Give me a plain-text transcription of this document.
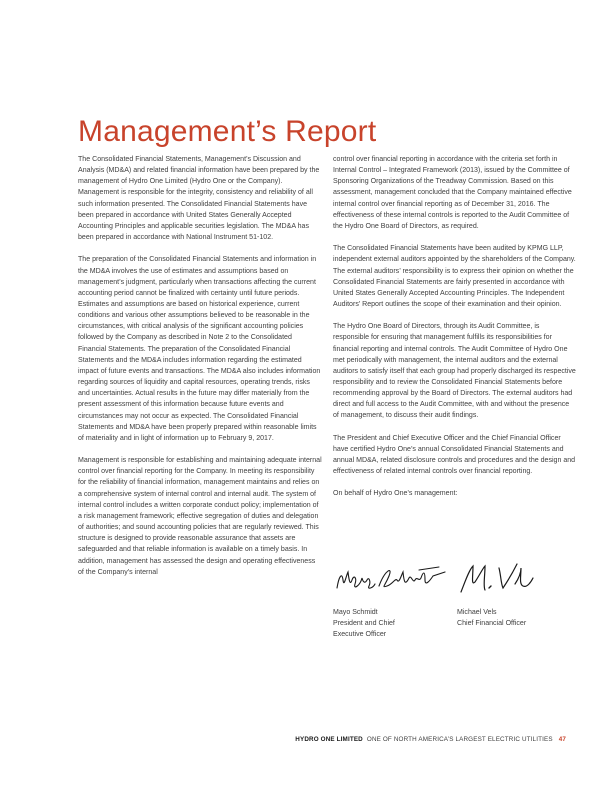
Management’s Report

The Consolidated Financial Statements, Management’s Discussion and Analysis (MD&A) and related financial information have been prepared by the management of Hydro One Limited (Hydro One or the Company). Management is responsible for the integrity, consistency and reliability of all such information presented. The Consolidated Financial Statements have been prepared in accordance with United States Generally Accepted Accounting Principles and applicable securities legislation. The MD&A has been prepared in accordance with National Instrument 51-102.

The preparation of the Consolidated Financial Statements and information in the MD&A involves the use of estimates and assumptions based on management’s judgment, particularly when transactions affecting the current accounting period cannot be finalized with certainty until future periods. Estimates and assumptions are based on historical experience, current conditions and various other assumptions believed to be reasonable in the circumstances, with critical analysis of the significant accounting policies followed by the Company as described in Note 2 to the Consolidated Financial Statements. The preparation of the Consolidated Financial Statements and the MD&A includes information regarding the estimated impact of future events and transactions. The MD&A also includes information regarding sources of liquidity and capital resources, operating trends, risks and uncertainties. Actual results in the future may differ materially from the present assessment of this information because future events and circumstances may not occur as expected. The Consolidated Financial Statements and MD&A have been properly prepared within reasonable limits of materiality and in light of information up to February 9, 2017.

Management is responsible for establishing and maintaining adequate internal control over financial reporting for the Company. In meeting its responsibility for the reliability of financial information, management maintains and relies on a comprehensive system of internal control and internal audit. The system of internal control includes a written corporate conduct policy; implementation of a risk management framework; effective segregation of duties and delegation of authorities; and sound accounting policies that are regularly reviewed. This structure is designed to provide reasonable assurance that assets are safeguarded and that reliable information is available on a timely basis. In addition, management has assessed the design and operating effectiveness of the Company’s internal

control over financial reporting in accordance with the criteria set forth in Internal Control – Integrated Framework (2013), issued by the Committee of Sponsoring Organizations of the Treadway Commission. Based on this assessment, management concluded that the Company maintained effective internal control over financial reporting as of December 31, 2016. The effectiveness of these internal controls is reported to the Audit Committee of the Hydro One Board of Directors, as required.

The Consolidated Financial Statements have been audited by KPMG LLP, independent external auditors appointed by the shareholders of the Company. The external auditors’ responsibility is to express their opinion on whether the Consolidated Financial Statements are fairly presented in accordance with United States Generally Accepted Accounting Principles. The Independent Auditors’ Report outlines the scope of their examination and their opinion.

The Hydro One Board of Directors, through its Audit Committee, is responsible for ensuring that management fulfills its responsibilities for financial reporting and internal controls. The Audit Committee of Hydro One met periodically with management, the internal auditors and the external auditors to satisfy itself that each group had properly discharged its respective responsibility and to review the Consolidated Financial Statements before recommending approval by the Board of Directors. The external auditors had direct and full access to the Audit Committee, with and without the presence of management, to discuss their audit findings.

The President and Chief Executive Officer and the Chief Financial Officer have certified Hydro One’s annual Consolidated Financial Statements and annual MD&A, related disclosure controls and procedures and the design and effectiveness of related internal controls over financial reporting.

On behalf of Hydro One’s management:

Mayo Schmidt
President and Chief
Executive Officer
Michael Vels
Chief Financial Officer
HYDRO ONE LIMITED ONE OF NORTH AMERICA’S LARGEST ELECTRIC UTILITIES 47
